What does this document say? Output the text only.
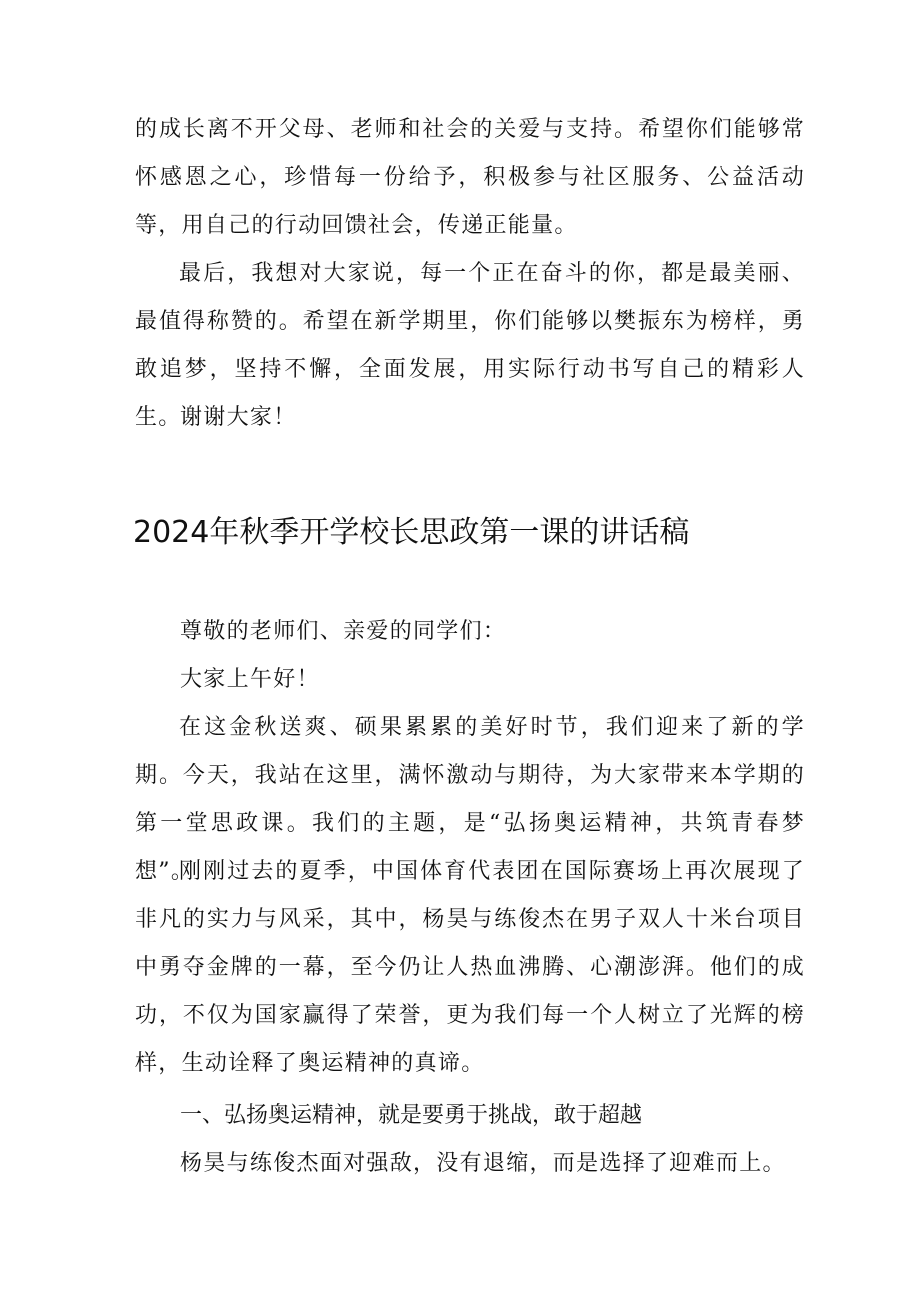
的成长离不开父母、老师和社会的关爱与支持。希望你们能够常怀感恩之心，珍惜每一份给予，积极参与社区服务、公益活动等，用自己的行动回馈社会，传递正能量。

最后，我想对大家说，每一个正在奋斗的你，都是最美丽、最值得称赞的。希望在新学期里，你们能够以樊振东为榜样，勇敢追梦，坚持不懈，全面发展，用实际行动书写自己的精彩人生。

谢谢大家！

2024年秋季开学校长思政第一课的讲话稿

尊敬的老师们、亲爱的同学们：

大家上午好！

在这金秋送爽、硕果累累的美好时节，我们迎来了新的学期。今天，我站在这里，满怀激动与期待，为大家带来本学期的第一堂思政课。我们的主题，是“弘扬奥运精神，共筑青春梦想”。

刚刚过去的夏季，中国体育代表团在国际赛场上再次展现了非凡的实力与风采，其中，杨昊与练俊杰在男子双人十米台项目中勇夺金牌的一幕，至今仍让人热血沸腾、心潮澎湃。他们的成功，不仅为国家赢得了荣誉，更为我们每一个人树立了光辉的榜样，生动诠释了奥运精神的真谛。

一、弘扬奥运精神，就是要勇于挑战，敢于超越

杨昊与练俊杰面对强敌，没有退缩，而是选择了迎难而上。
